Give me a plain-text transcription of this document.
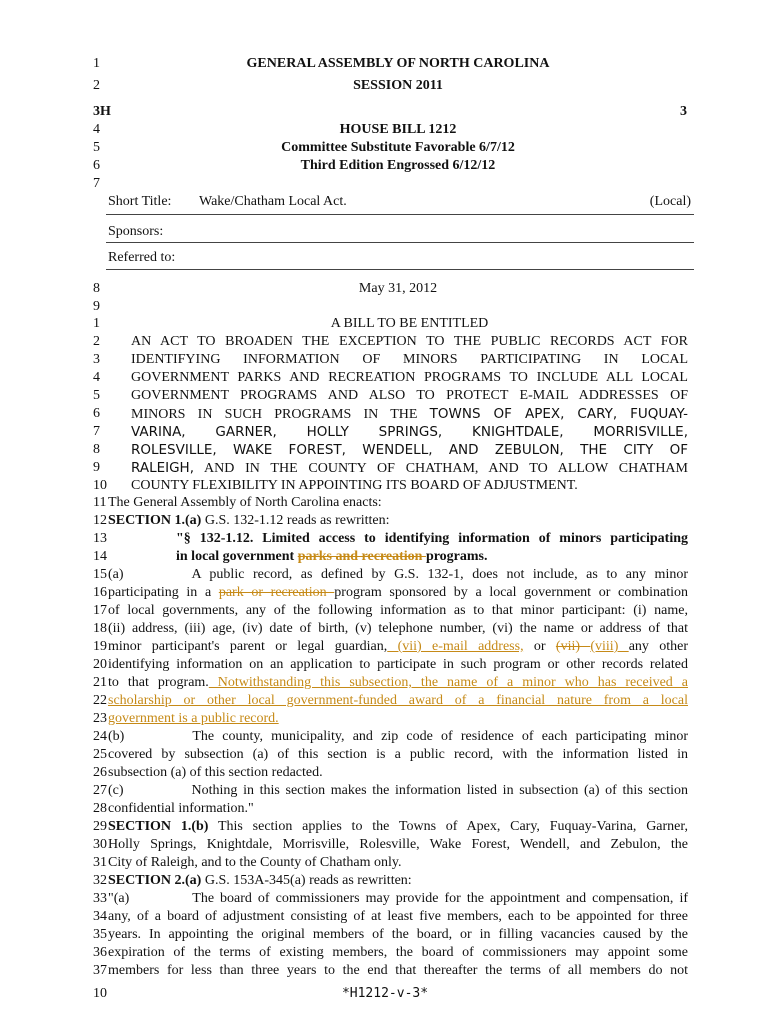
1	GENERAL ASSEMBLY OF NORTH CAROLINA
2	SESSION 2011
3H	3
4	HOUSE BILL 1212
5	Committee Substitute Favorable 6/7/12
6	Third Edition Engrossed 6/12/12
7
Short Title: Wake/Chatham Local Act.	(Local)
Sponsors:
Referred to:
8	May 31, 2012
9
1	A BILL TO BE ENTITLED
2 AN ACT TO BROADEN THE EXCEPTION TO THE PUBLIC RECORDS ACT FOR
3 IDENTIFYING INFORMATION OF MINORS PARTICIPATING IN LOCAL
4 GOVERNMENT PARKS AND RECREATION PROGRAMS TO INCLUDE ALL LOCAL
5 GOVERNMENT PROGRAMS AND ALSO TO PROTECT E-MAIL ADDRESSES OF
6 MINORS IN SUCH PROGRAMS IN THE TOWNS OF APEX, CARY, FUQUAY-
7 VARINA, GARNER, HOLLY SPRINGS, KNIGHTDALE, MORRISVILLE,
8 ROLESVILLE, WAKE FOREST, WENDELL, AND ZEBULON, THE CITY OF
9 RALEIGH, AND IN THE COUNTY OF CHATHAM, AND TO ALLOW CHATHAM
10 COUNTY FLEXIBILITY IN APPOINTING ITS BOARD OF ADJUSTMENT.
11 The General Assembly of North Carolina enacts:
12 SECTION 1.(a) G.S. 132-1.12 reads as rewritten:
13	"§ 132-1.12. Limited access to identifying information of minors participating
14	in local government parks and recreation programs.
15 (a)	A public record, as defined by G.S. 132-1, does not include, as to any minor
16 participating in a park or recreation program sponsored by a local government or combination
17 of local governments, any of the following information as to that minor participant: (i) name,
18 (ii) address, (iii) age, (iv) date of birth, (v) telephone number, (vi) the name or address of that
19 minor participant's parent or legal guardian, (vii) e-mail address, or (vii) (viii) any other
20 identifying information on an application to participate in such program or other records related
21 to that program. Notwithstanding this subsection, the name of a minor who has received a
22 scholarship or other local government-funded award of a financial nature from a local
23 government is a public record.
24 (b)	The county, municipality, and zip code of residence of each participating minor
25 covered by subsection (a) of this section is a public record, with the information listed in
26 subsection (a) of this section redacted.
27 (c)	Nothing in this section makes the information listed in subsection (a) of this section
28 confidential information."
29 SECTION 1.(b) This section applies to the Towns of Apex, Cary, Fuquay-Varina, Garner,
30 Holly Springs, Knightdale, Morrisville, Rolesville, Wake Forest, Wendell, and Zebulon, the
31 City of Raleigh, and to the County of Chatham only.
32 SECTION 2.(a) G.S. 153A-345(a) reads as rewritten:
33 "(a)	The board of commissioners may provide for the appointment and compensation, if
34 any, of a board of adjustment consisting of at least five members, each to be appointed for three
35 years. In appointing the original members of the board, or in filling vacancies caused by the
36 expiration of the terms of existing members, the board of commissioners may appoint some
37 members for less than three years to the end that thereafter the terms of all members do not
10	*H1212-v-3*
